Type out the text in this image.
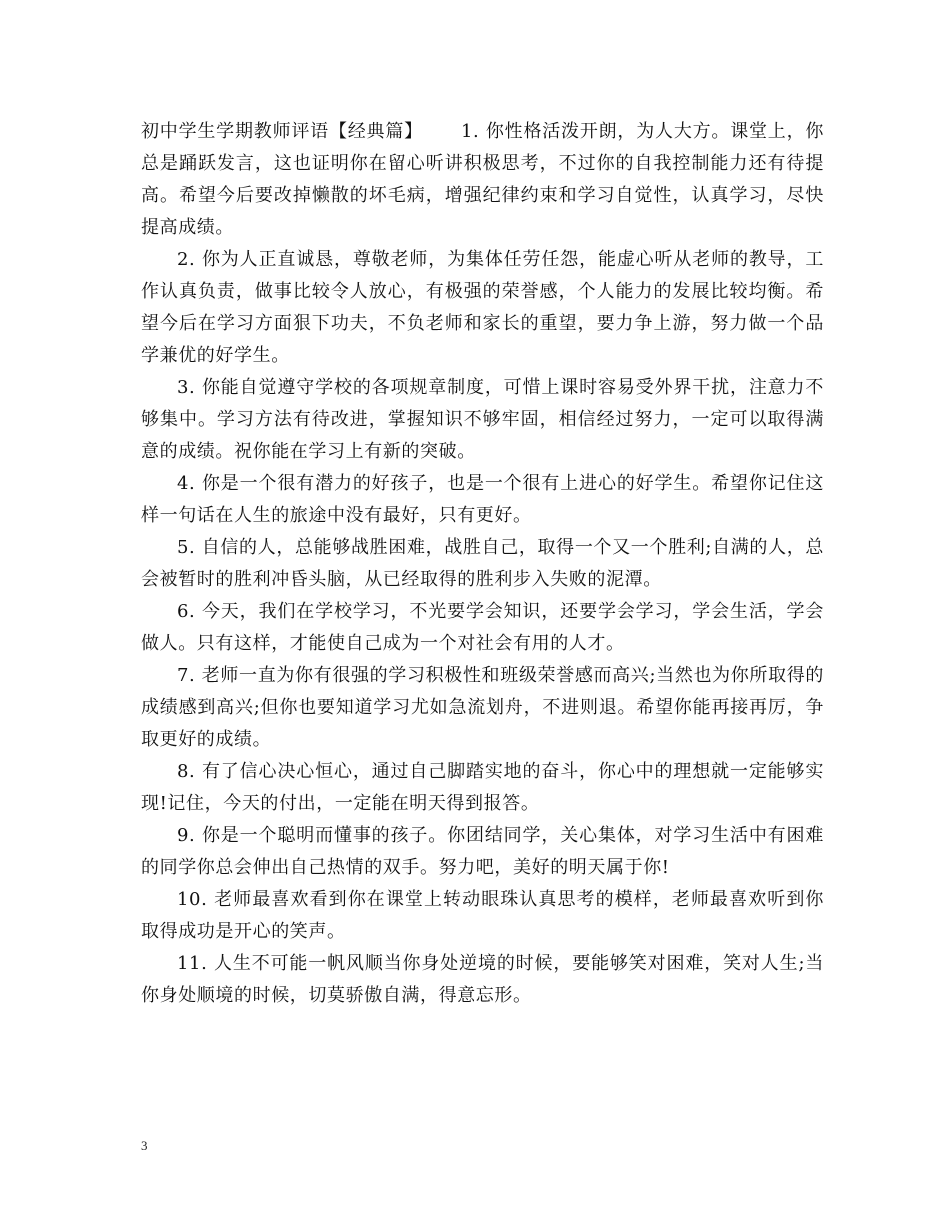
初中学生学期教师评语【经典篇】 1. 你性格活泼开朗，为人大方。课堂上，你总是踊跃发言，这也证明你在留心听讲积极思考，不过你的自我控制能力还有待提高。希望今后要改掉懒散的坏毛病，增强纪律约束和学习自觉性，认真学习，尽快提高成绩。

2. 你为人正直诚恳，尊敬老师，为集体任劳任怨，能虚心听从老师的教导，工作认真负责，做事比较令人放心，有极强的荣誉感，个人能力的发展比较均衡。希望今后在学习方面狠下功夫，不负老师和家长的重望，要力争上游，努力做一个品学兼优的好学生。

3. 你能自觉遵守学校的各项规章制度，可惜上课时容易受外界干扰，注意力不够集中。学习方法有待改进，掌握知识不够牢固，相信经过努力，一定可以取得满意的成绩。祝你能在学习上有新的突破。

4. 你是一个很有潜力的好孩子，也是一个很有上进心的好学生。希望你记住这样一句话在人生的旅途中没有最好，只有更好。

5. 自信的人，总能够战胜困难，战胜自己，取得一个又一个胜利;自满的人，总会被暂时的胜利冲昏头脑，从已经取得的胜利步入失败的泥潭。

6. 今天，我们在学校学习，不光要学会知识，还要学会学习，学会生活，学会做人。只有这样，才能使自己成为一个对社会有用的人才。

7. 老师一直为你有很强的学习积极性和班级荣誉感而高兴;当然也为你所取得的成绩感到高兴;但你也要知道学习尤如急流划舟，不进则退。希望你能再接再厉，争取更好的成绩。

8. 有了信心决心恒心，通过自己脚踏实地的奋斗，你心中的理想就一定能够实现!记住，今天的付出，一定能在明天得到报答。

9. 你是一个聪明而懂事的孩子。你团结同学，关心集体，对学习生活中有困难的同学你总会伸出自己热情的双手。努力吧，美好的明天属于你!

10. 老师最喜欢看到你在课堂上转动眼珠认真思考的模样，老师最喜欢听到你取得成功是开心的笑声。

11. 人生不可能一帆风顺当你身处逆境的时候，要能够笑对困难，笑对人生;当你身处顺境的时候，切莫骄傲自满，得意忘形。

3
